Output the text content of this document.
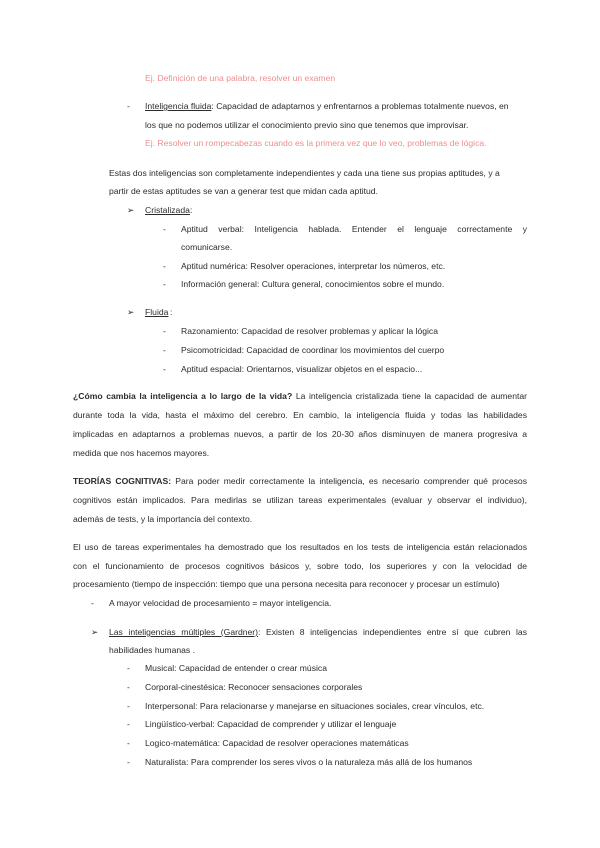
Ej. Definición de una palabra, resolver un examen
- Inteligencia fluida: Capacidad de adaptarnos y enfrentarnos a problemas totalmente nuevos, en
los que no podemos utilizar el conocimiento previo sino que tenemos que improvisar.
Ej. Resolver un rompecabezas cuando es la primera vez que lo veo, problemas de lógica.
Estas dos inteligencias son completamente independientes y cada una tiene sus propias aptitudes, y a
partir de estas aptitudes se van a generar test que midan cada aptitud.
➢ Cristalizada :
- Aptitud verbal: Inteligencia hablada. Entender el lenguaje correctamente y
comunicarse.
- Aptitud numérica: Resolver operaciones, interpretar los números, etc.
- Información general: Cultura general, conocimientos sobre el mundo.
➢ Fluida :
- Razonamiento: Capacidad de resolver problemas y aplicar la lógica
- Psicomotricidad: Capacidad de coordinar los movimientos del cuerpo
- Aptitud espacial: Orientarnos, visualizar objetos en el espacio...
¿Cómo cambia la inteligencia a lo largo de la vida? La inteligencia cristalizada tiene la capacidad de aumentar
durante toda la vida, hasta el máximo del cerebro. En cambio, la inteligencia fluida y todas las habilidades
implicadas en adaptarnos a problemas nuevos, a partir de los 20-30 años disminuyen de manera progresiva a
medida que nos hacemos mayores.
TEORÍAS COGNITIVAS: Para poder medir correctamente la inteligencia, es necesario comprender qué procesos
cognitivos están implicados. Para medirlas se utilizan tareas experimentales (evaluar y observar el individuo),
además de tests, y la importancia del contexto.
El uso de tareas experimentales ha demostrado que los resultados en los tests de inteligencia están relacionados
con el funcionamiento de procesos cognitivos básicos y, sobre todo, los superiores y con la velocidad de
procesamiento (tiempo de inspección: tiempo que una persona necesita para reconocer y procesar un estímulo)
- A mayor velocidad de procesamiento = mayor inteligencia.
➢ Las inteligencias múltiples (Gardner): Existen 8 inteligencias independientes entre sí que cubren las
habilidades humanas .
- Musical: Capacidad de entender o crear música
- Corporal-cinestésica: Reconocer sensaciones corporales
- Interpersonal: Para relacionarse y manejarse en situaciones sociales, crear vínculos, etc.
- Lingüístico-verbal: Capacidad de comprender y utilizar el lenguaje
- Logico-matemática: Capacidad de resolver operaciones matemáticas
- Naturalista: Para comprender los seres vivos o la naturaleza más allá de los humanos
